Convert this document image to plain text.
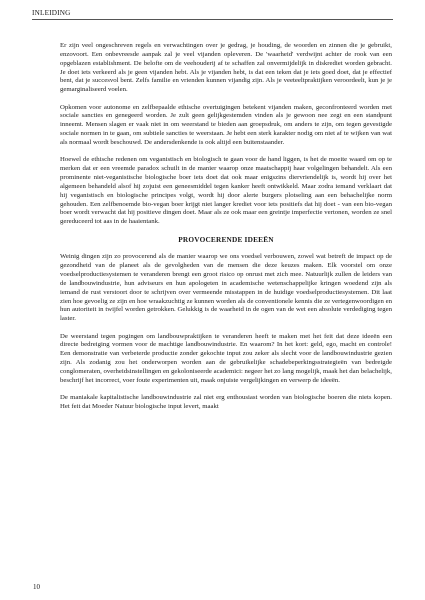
INLEIDING

Er zijn veel ongeschreven regels en verwachtingen over je gedrag, je houding, de woorden en zinnen die je gebruikt, enzovoort. Een onbevreesde aanpak zal je veel vijanden opleveren. De 'waarheid' verdwijnt achter de rook van een opgeblazen establishment. De belofte om de veehouderij af te schaffen zal onvermijdelijk in diskrediet worden gebracht. Je doet iets verkeerd als je geen vijanden hebt. Als je vijanden hebt, is dat een teken dat je iets goed doet, dat je effectief bent, dat je succesvol bent. Zelfs familie en vrienden kunnen vijandig zijn. Als je veeteeltpraktijken veroordeelt, kun je je gemarginaliseerd voelen.

Opkomen voor autonome en zelfbepaalde ethische overtuigingen betekent vijanden maken, geconfronteerd worden met sociale sancties en genegeerd worden. Je zult geen gelijkgestemden vinden als je gewoon nee zegt en een standpunt inneemt. Mensen slagen er vaak niet in om weerstand te bieden aan groepsdruk, om anders te zijn, om tegen gevestigde sociale normen in te gaan, om subtiele sancties te weerstaan. Je hebt een sterk karakter nodig om niet af te wijken van wat als normaal wordt beschouwd. De andersdenkende is ook altijd een buitenstaander.

Hoewel de ethische redenen om veganistisch en biologisch te gaan voor de hand liggen, is het de moeite waard om op te merken dat er een vreemde paradox schuilt in de manier waarop onze maatschappij haar volgelingen behandelt. Als een prominente niet-veganistische biologische boer iets doet dat ook maar enigszins diervriendelijk is, wordt hij over het algemeen behandeld alsof hij zojuist een geneesmiddel tegen kanker heeft ontwikkeld. Maar zodra iemand verklaart dat hij veganistisch en biologische principes volgt, wordt hij door alerte burgers plotseling aan een behachelijke norm gehouden. Een zelfbenoemde bio-vegan boer krijgt niet langer krediet voor iets positiefs dat hij doet - van een bio-vegan boer wordt verwacht dat hij positieve dingen doet. Maar als ze ook maar een greintje imperfectie vertonen, worden ze snel gereduceerd tot aas in de haaientank.

PROVOCERENDE IDEEËN

Weinig dingen zijn zo provocerend als de manier waarop we ons voedsel verbouwen, zowel wat betreft de impact op de gezondheid van de planeet als de gevolgheden van de mensen die deze keuzes maken. Elk voorstel om onze voedselproductiesystemen te veranderen brengt een groot risico op onrust met zich mee. Natuurlijk zullen de leiders van de landbouwindustrie, hun adviseurs en hun apologeten in academische wetenschappelijke kringen woedend zijn als iemand de rust verstoort door te schrijven over vermeende misstappen in de huidige voedselproductiesystemen. Dit laat zien hoe gevoelig ze zijn en hoe wraakzuchtig ze kunnen worden als de conventionele kennis die ze vertegenwoordigen en hun autoriteit in twijfel worden getrokken. Gelukkig is de waarheid in de ogen van de wet een absolute verdediging tegen laster.

De weerstand tegen pogingen om landbouwpraktijken te veranderen heeft te maken met het feit dat deze ideeën een directe bedreiging vormen voor de machtige landbouwindustrie. En waarom? In het kort: geld, ego, macht en controle! Een demonstratie van verbeterde productie zonder gekochte input zou zeker als slecht voor de landbouwindustrie gezien zijn. Als zodanig zou het onderworpen worden aan de gebruikelijke schadebeperkingsstrategieën van bedreigde conglomeraten, overheidsinstellingen en gekoloniseerde academici: negeer het zo lang mogelijk, maak het dan belachelijk, beschrijf het incorrect, voer foute experimenten uit, maak onjuiste vergelijkingen en verwerp de ideeën.

De maniakale kapitalistische landbouwindustrie zal niet erg enthousiast worden van biologische boeren die niets kopen. Het feit dat Moeder Natuur biologische input levert, maakt

10
